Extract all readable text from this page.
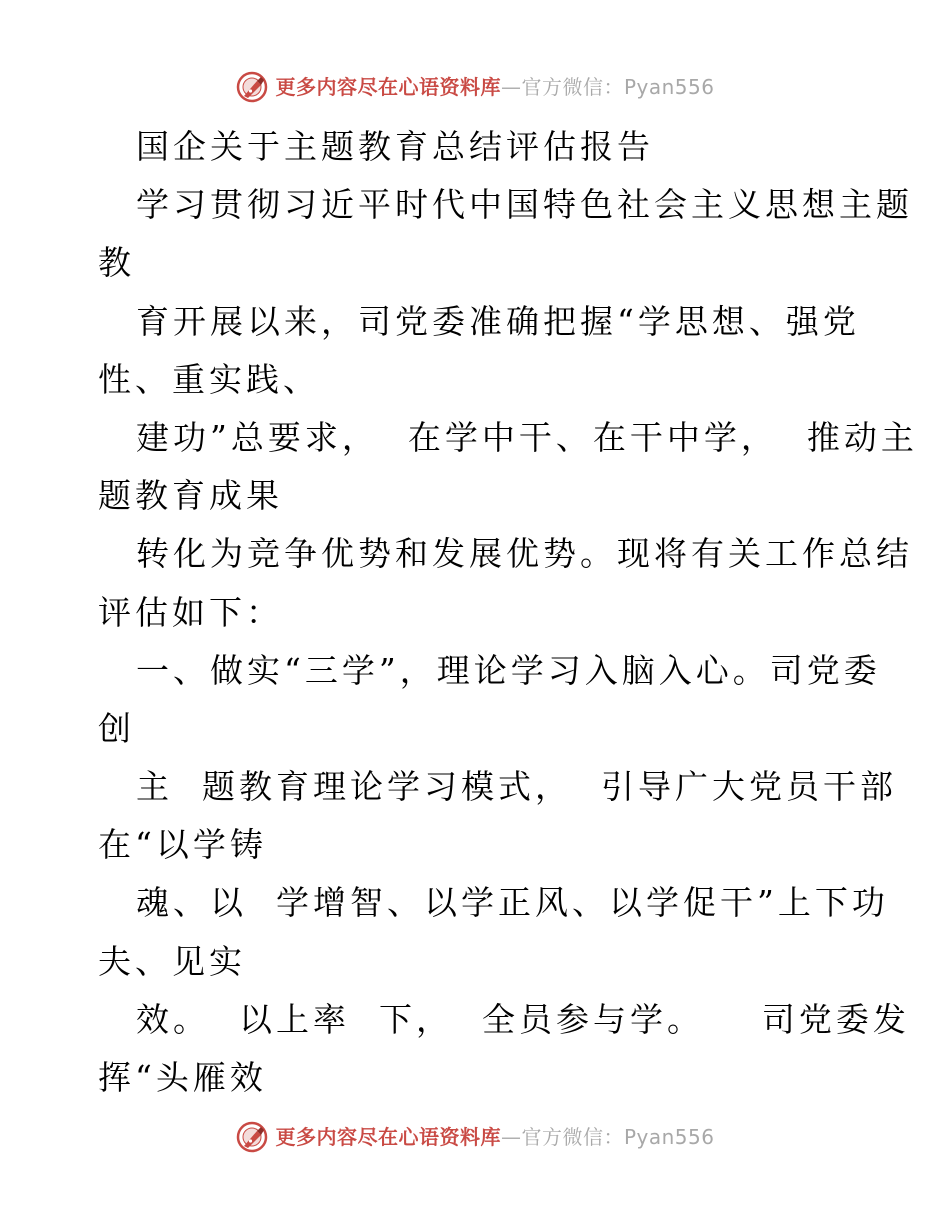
更多内容尽在心语资料库—官方微信：Pyan556
国企关于主题教育总结评估报告
学习贯彻习近平时代中国特色社会主义思想主题
教
育开展以来，司党委准确把握“学思想、强党
性、重实践、
建功”总要求，  在学中干、在干中学，  推动主
题教育成果
转化为竞争优势和发展优势。现将有关工作总结
评估如下：
一、做实“三学”，理论学习入脑入心。司党委
创
主  题教育理论学习模式，  引导广大党员干部
在“以学铸
魂、以  学增智、以学正风、以学促干”上下功
夫、见实
效。  以上率  下，  全员参与学。    司党委发
挥“头雁效
更多内容尽在心语资料库—官方微信：Pyan556
